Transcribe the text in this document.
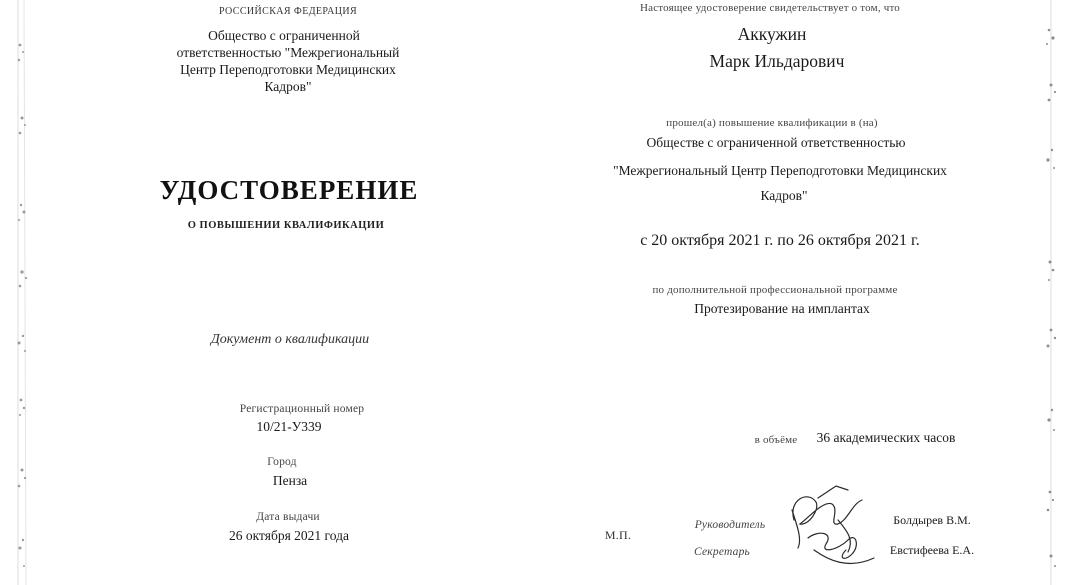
РОССИЙСКАЯ ФЕДЕРАЦИЯ
Общество с ограниченной
ответственностью "Межрегиональный
Центр Переподготовки Медицинских
Кадров"
УДОСТОВЕРЕНИЕ
О ПОВЫШЕНИИ КВАЛИФИКАЦИИ
Документ о квалификации
Регистрационный номер
10/21-У339
Город
Пенза
Дата выдачи
26 октября 2021 года
Настоящее удостоверение свидетельствует о том, что
Аккужин
Марк Ильдарович
прошел(а) повышение квалификации в (на)
Обществе с ограниченной ответственностью
"Межрегиональный Центр Переподготовки Медицинских
Кадров"
с 20 октября 2021 г. по 26 октября 2021 г.
по дополнительной профессиональной программе
Протезирование на имплантах
в объёме 36 академических часов
М.П.
Руководитель	Болдырев В.М.
Секретарь	Евстифеева Е.А.
